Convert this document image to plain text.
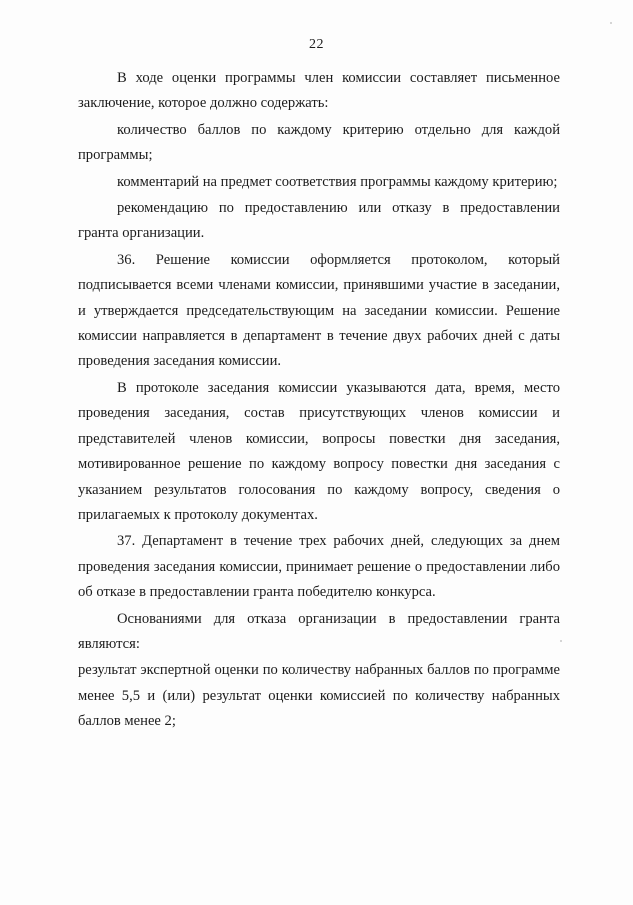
22

В ходе оценки программы член комиссии составляет письменное заключение, которое должно содержать:

количество баллов по каждому критерию отдельно для каждой программы;

комментарий на предмет соответствия программы каждому критерию;

рекомендацию по предоставлению или отказу в предоставлении гранта организации.

36. Решение комиссии оформляется протоколом, который подписывается всеми членами комиссии, принявшими участие в заседании, и утверждается председательствующим на заседании комиссии. Решение комиссии направляется в департамент в течение двух рабочих дней с даты проведения заседания комиссии.

В протоколе заседания комиссии указываются дата, время, место проведения заседания, состав присутствующих членов комиссии и представителей членов комиссии, вопросы повестки дня заседания, мотивированное решение по каждому вопросу повестки дня заседания с указанием результатов голосования по каждому вопросу, сведения о прилагаемых к протоколу документах.

37. Департамент в течение трех рабочих дней, следующих за днем проведения заседания комиссии, принимает решение о предоставлении либо об отказе в предоставлении гранта победителю конкурса.

Основаниями для отказа организации в предоставлении гранта являются:

результат экспертной оценки по количеству набранных баллов по программе менее 5,5 и (или) результат оценки комиссией по количеству набранных баллов менее 2;
